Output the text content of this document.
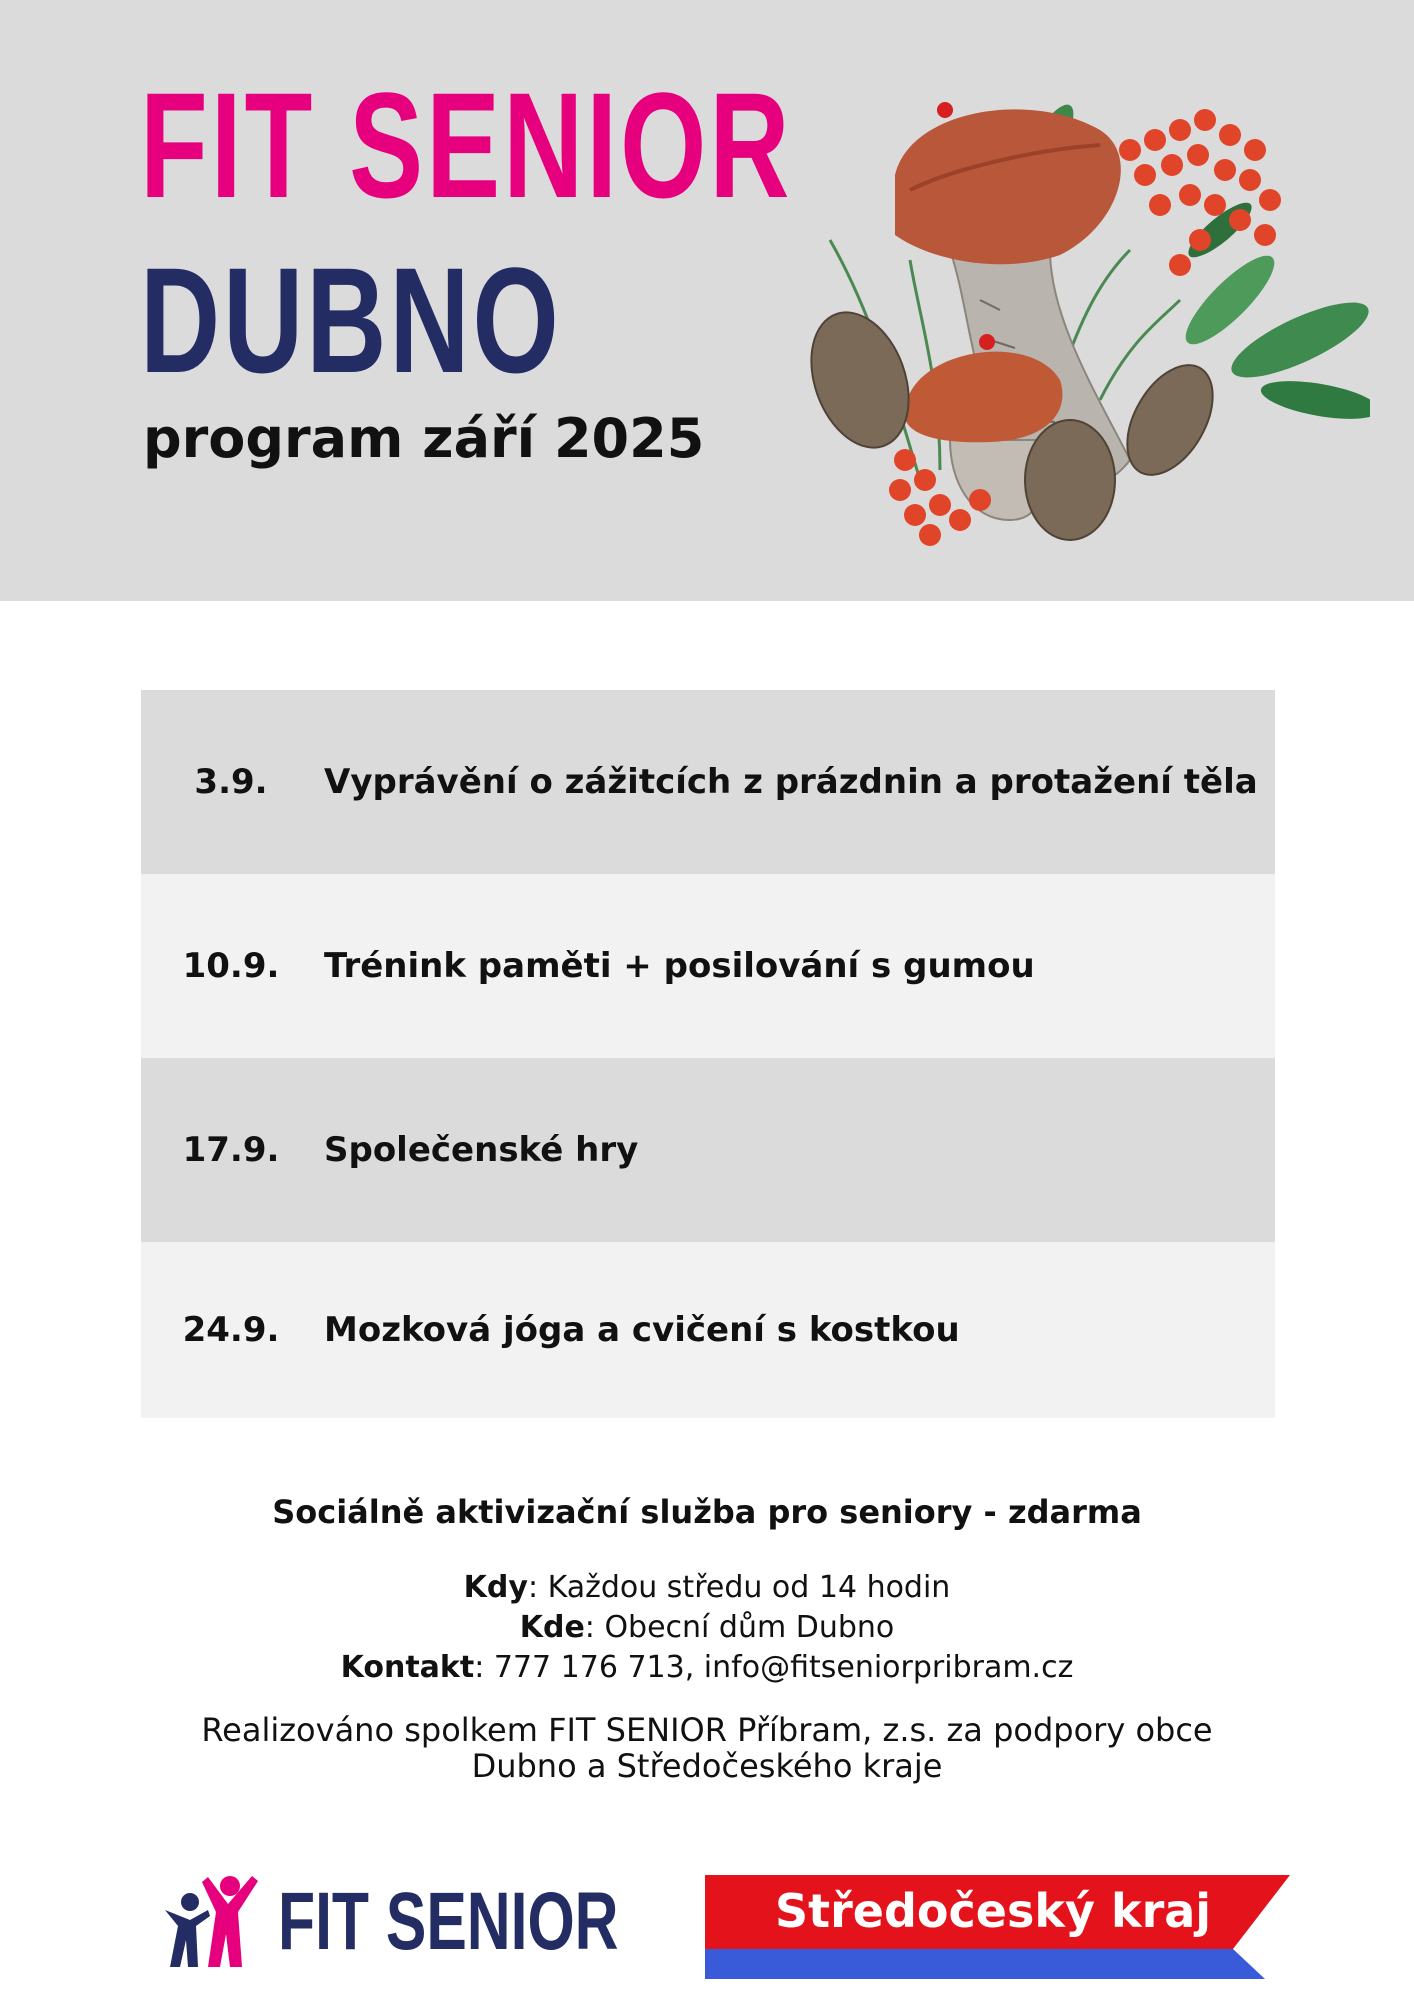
FIT SENIOR
DUBNO
program září 2025
3.9.	Vyprávění o zážitcích z prázdnin a protažení těla
10.9.	Trénink paměti + posilování s gumou
17.9.	Společenské hry
24.9.	Mozková jóga a cvičení s kostkou
Sociálně aktivizační služba pro seniory - zdarma
Kdy: Každou středu od 14 hodin
Kde: Obecní dům Dubno
Kontakt: 777 176 713, info@fitseniorpribram.cz
Realizováno spolkem FIT SENIOR Příbram, z.s. za podpory obce
Dubno a Středočeského kraje
FIT SENIOR	Středočeský kraj
